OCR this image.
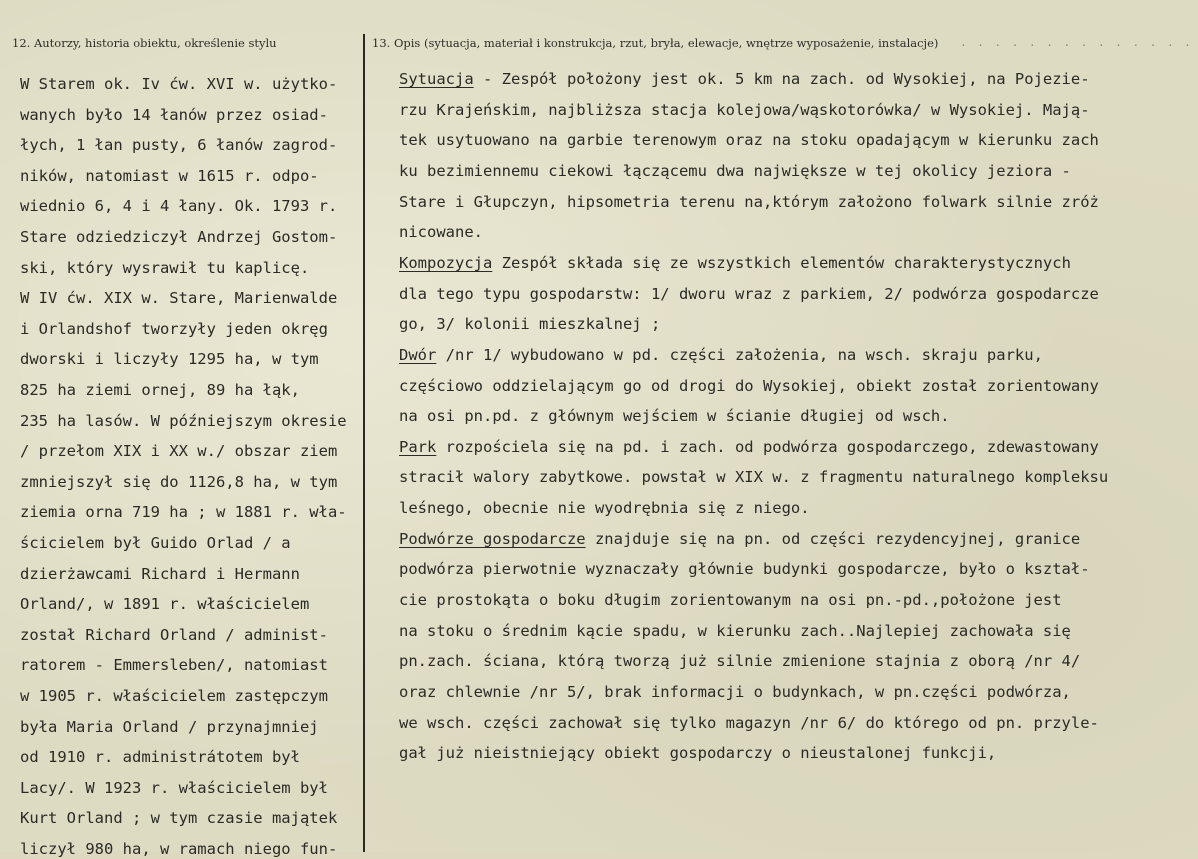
12. Autorzy, historia obiektu, określenie stylu	13. Opis (sytuacja, materiał i konstrukcja, rzut, bryła, elewacje, wnętrze wyposażenie, instalacje) . . . . . . . . . . . . . .
W Starem ok. Iv ćw. XVI w. użytko-
wanych było 14 łanów przez osiad-
łych, 1 łan pusty, 6 łanów zagrod-
ników, natomiast w 1615 r. odpo-
wiednio 6, 4 i 4 łany. Ok. 1793 r.
Stare odziedziczył Andrzej Gostom-
ski, który wysrawił tu kaplicę.
W IV ćw. XIX w. Stare, Marienwalde
i Orlandshof tworzyły jeden okręg
dworski i liczyły 1295 ha, w tym
825 ha ziemi ornej, 89 ha łąk,
235 ha lasów. W późniejszym okresie
/ przełom XIX i XX w./ obszar ziem
zmniejszył się do 1126,8 ha, w tym
ziemia orna 719 ha ; w 1881 r. wła-
ścicielem był Guido Orlad / a
dzierżawcami Richard i Hermann
Orland/, w 1891 r. właścicielem
został Richard Orland / administ-
ratorem - Emmersleben/, natomiast
w 1905 r. właścicielem zastępczym
była Maria Orland / przynajmniej
od 1910 r. administrátotem był
Lacy/. W 1923 r. właścicielem był
Kurt Orland ; w tym czasie majątek
liczył 980 ha, w ramach niego fun-
Sytuacja - Zespół położony jest ok. 5 km na zach. od Wysokiej, na Pojezie-
rzu Krajeńskim, najbliższa stacja kolejowa/wąskotorówka/ w Wysokiej. Mają-
tek usytuowano na garbie terenowym oraz na stoku opadającym w kierunku zach
ku bezimiennemu ciekowi łączącemu dwa największe w tej okolicy jeziora -
Stare i Głupczyn, hipsometria terenu na,którym założono folwark silnie zróż
nicowane.
Kompozycja Zespół składa się ze wszystkich elementów charakterystycznych
dla tego typu gospodarstw: 1/ dworu wraz z parkiem, 2/ podwórza gospodarcze
go, 3/ kolonii mieszkalnej ;
Dwór /nr 1/ wybudowano w pd. części założenia, na wsch. skraju parku,
częściowo oddzielającym go od drogi do Wysokiej, obiekt został zorientowany
na osi pn.pd. z głównym wejściem w ścianie długiej od wsch.
Park rozpościela się na pd. i zach. od podwórza gospodarczego, zdewastowany
stracił walory zabytkowe. powstał w XIX w. z fragmentu naturalnego kompleksu
leśnego, obecnie nie wyodrębnia się z niego.
Podwórze gospodarcze znajduje się na pn. od części rezydencyjnej, granice
podwórza pierwotnie wyznaczały głównie budynki gospodarcze, było o kształ-
cie prostokąta o boku długim zorientowanym na osi pn.-pd.,położone jest
na stoku o średnim kącie spadu, w kierunku zach..Najlepiej zachowała się
pn.zach. ściana, którą tworzą już silnie zmienione stajnia z oborą /nr 4/
oraz chlewnie /nr 5/, brak informacji o budynkach, w pn.części podwórza,
we wsch. części zachował się tylko magazyn /nr 6/ do którego od pn. przyle-
gał już nieistniejący obiekt gospodarczy o nieustalonej funkcji,
